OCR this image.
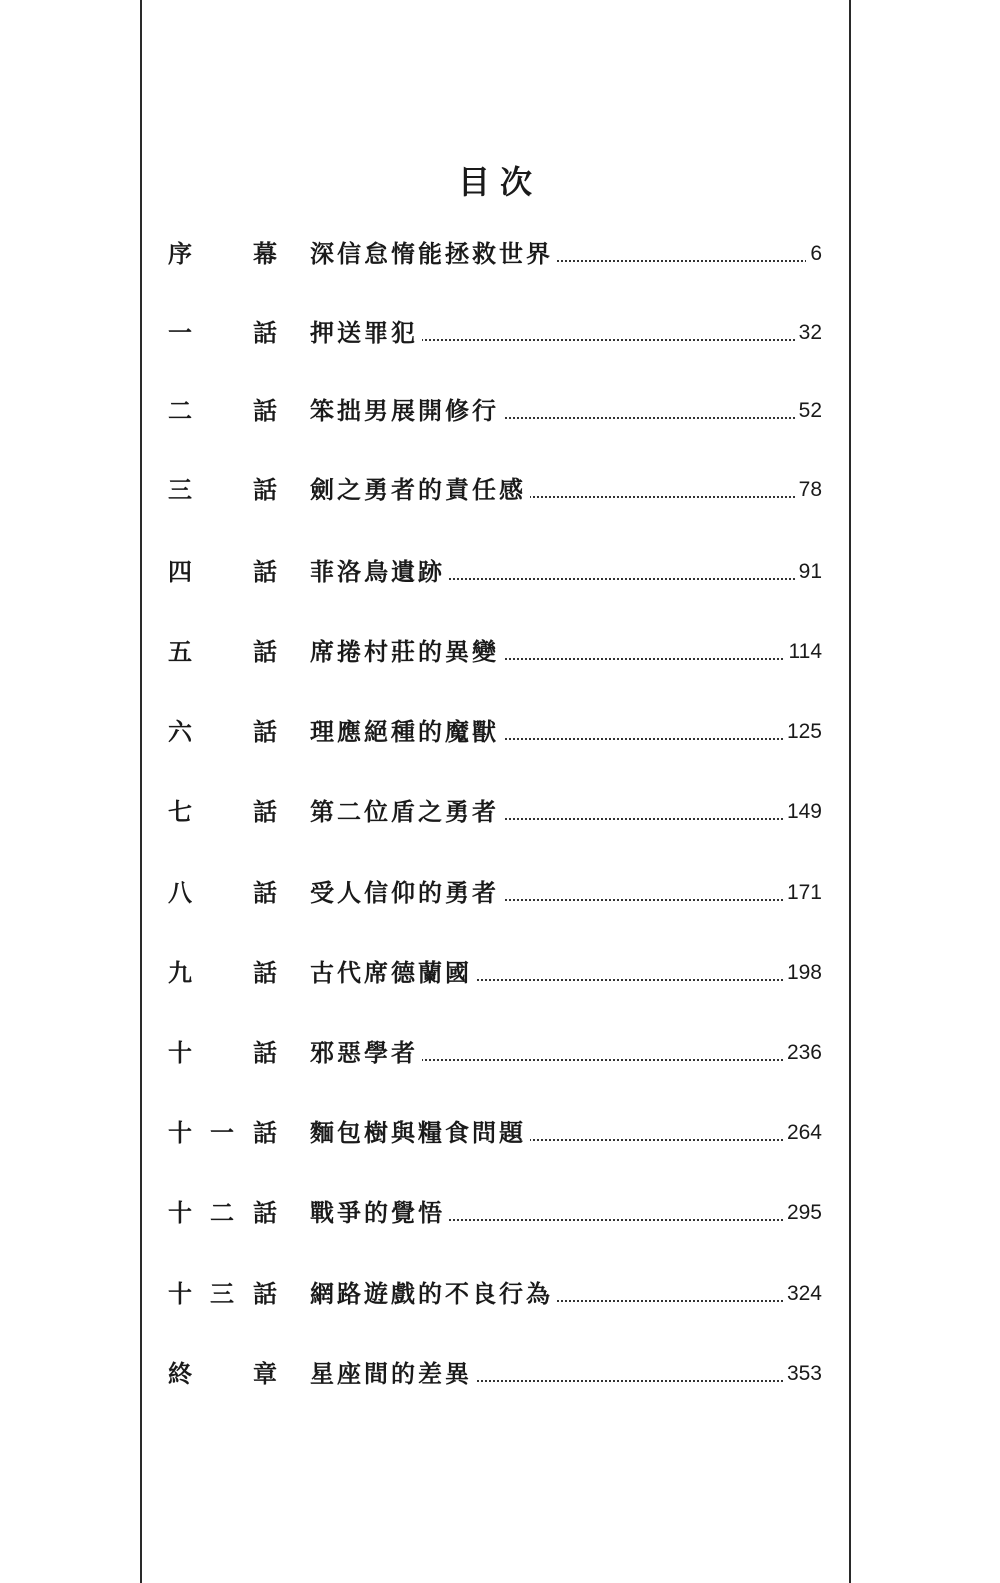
目次
序	幕 深信怠惰能拯救世界	6
一	話 押送罪犯	32
二	話 笨拙男展開修行	52
三	話 劍之勇者的責任感	78
四	話 菲洛鳥遺跡	91
五	話 席捲村莊的異變	114
六	話 理應絕種的魔獸	125
七	話 第二位盾之勇者	149
八	話 受人信仰的勇者	171
九	話 古代席德蘭國	198
十	話 邪惡學者	236
十 一 話 麵包樹與糧食問題	264
十 二 話 戰爭的覺悟	295
十 三 話 網路遊戲的不良行為	324
終	章 星座間的差異	353
